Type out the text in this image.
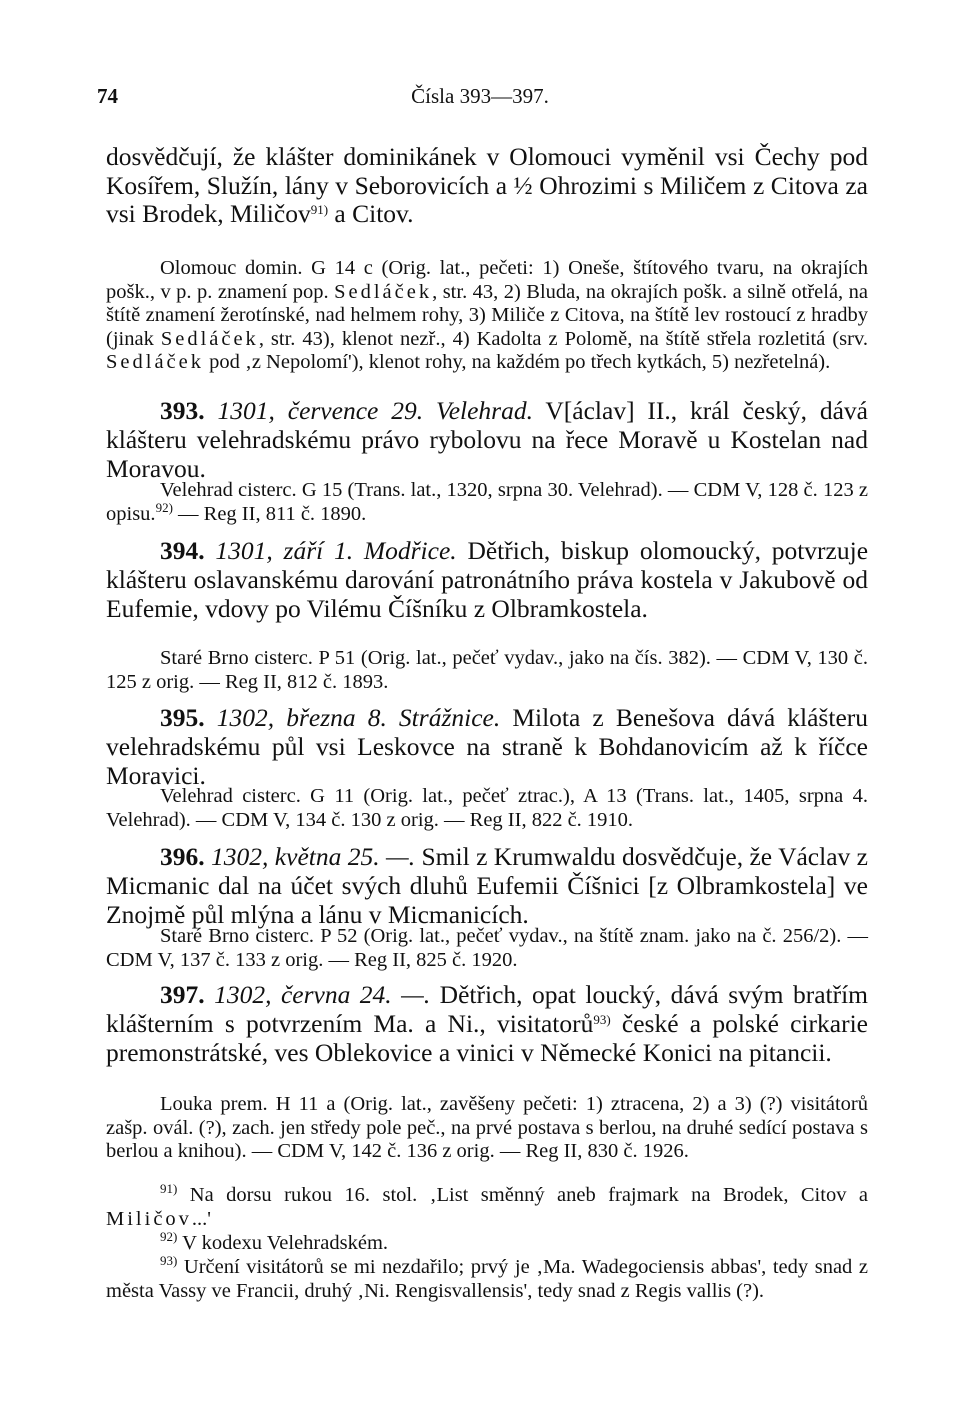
74	Čísla 393—397.

dosvědčují, že klášter dominikánek v Olomouci vyměnil vsi Čechy pod Kosířem, Služín, lány v Seborovicích a ½ Ohrozimi s Miličem z Citova za vsi Brodek, Miličov$^{91)}$ a Citov.

Olomouc domin. G 14 c (Orig. lat., pečeti: 1) Oneše, štítového tvaru, na okrajích pošk., v p. p. znamení pop. Sedláček, str. 43, 2) Bluda, na okrajích pošk. a silně otřelá, na štítě znamení žerotínské, nad helmem rohy, 3) Miliče z Citova, na štítě lev rostoucí z hradby (jinak Sedláček, str. 43), klenot nezř., 4) Kadolta z Polomě, na štítě střela rozletitá (srv. Sedláček pod ‚z Nepolomí'), klenot rohy, na každém po třech kytkách, 5) nezřetelná).

393. 1301, července 29. Velehrad. V[áclav] II., král český, dává klášteru velehradskému právo rybolovu na řece Moravě u Kostelan nad Moravou.

Velehrad cisterc. G 15 (Trans. lat., 1320, srpna 30. Velehrad). — CDM V, 128 č. 123 z opisu.$^{92)}$ — Reg II, 811 č. 1890.

394. 1301, září 1. Modřice. Dětřich, biskup olomoucký, potvrzuje klášteru oslavanskému darování patronátního práva kostela v Jakubově od Eufemie, vdovy po Vilému Číšníku z Olbramkostela.

Staré Brno cisterc. P 51 (Orig. lat., pečeť vydav., jako na čís. 382). — CDM V, 130 č. 125 z orig. — Reg II, 812 č. 1893.

395. 1302, března 8. Strážnice. Milota z Benešova dává klášteru velehradskému půl vsi Leskovce na straně k Bohdanovicím až k říčce Moravici.

Velehrad cisterc. G 11 (Orig. lat., pečeť ztrac.), A 13 (Trans. lat., 1405, srpna 4. Velehrad). — CDM V, 134 č. 130 z orig. — Reg II, 822 č. 1910.

396. 1302, května 25. —. Smil z Krumwaldu dosvědčuje, že Václav z Micmanic dal na účet svých dluhů Eufemii Číšnici [z Olbramkostela] ve Znojmě půl mlýna a lánu v Micmanicích.

Staré Brno cisterc. P 52 (Orig. lat., pečeť vydav., na štítě znam. jako na č. 256/2). — CDM V, 137 č. 133 z orig. — Reg II, 825 č. 1920.

397. 1302, června 24. —. Dětřich, opat loucký, dává svým bratřím klášterním s potvrzením Ma. a Ni., visitatorů$^{93)}$ české a polské cirkarie premonstrátské, ves Oblekovice a vinici v Německé Konici na pitancii.

Louka prem. H 11 a (Orig. lat., zavěšeny pečeti: 1) ztracena, 2) a 3) (?) visitátorů zašp. ovál. (?), zach. jen středy pole peč., na prvé postava s berlou, na druhé sedící postava s berlou a knihou). — CDM V, 142 č. 136 z orig. — Reg II, 830 č. 1926.

$^{91)}$ Na dorsu rukou 16. stol. ‚List směnný aneb frajmark na Brodek, Citov a Miličov...'

$^{92)}$ V kodexu Velehradském.

$^{93)}$ Určení visitátorů se mi nezdařilo; prvý je ‚Ma. Wadegociensis abbas', tedy snad z města Vassy ve Francii, druhý ‚Ni. Rengisvallensis', tedy snad z Regis vallis (?).
